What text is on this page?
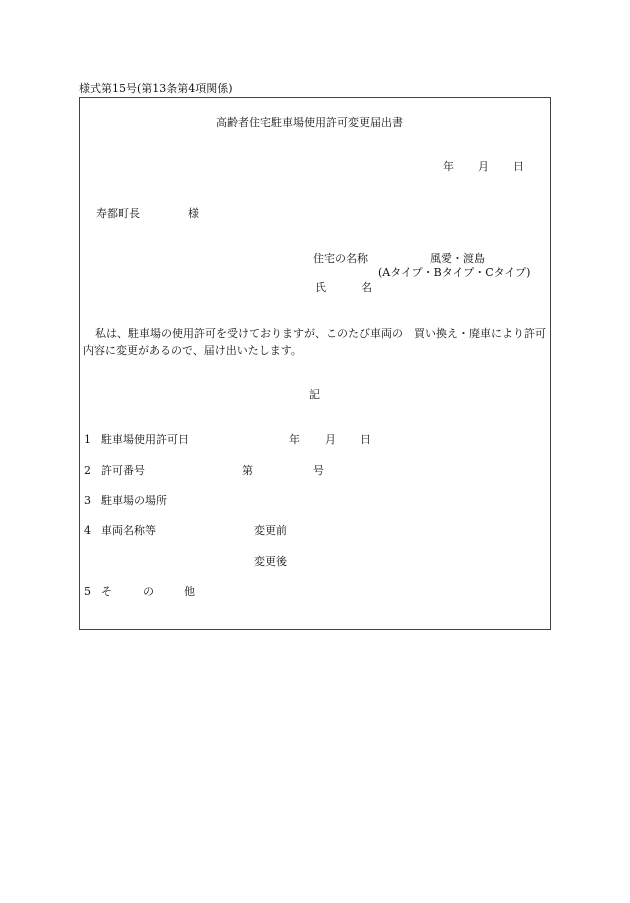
様式第15号(第13条第4項関係)
高齢者住宅駐車場使用許可変更届出書
年 月 日
寿都町長	様
住宅の名称	風愛・渡島
(Aタイプ・Bタイプ・Cタイプ)
氏	名
私は、駐車場の使用許可を受けておりますが、このたび車両の　買い換え・廃車により許可内容に変更があるので、届け出いたします。
記
1 駐車場使用許可日	年 月 日
2 許可番号	第	号
3 駐車場の場所
4 車両名称等	変更前
変更後
5 そ	の	他
